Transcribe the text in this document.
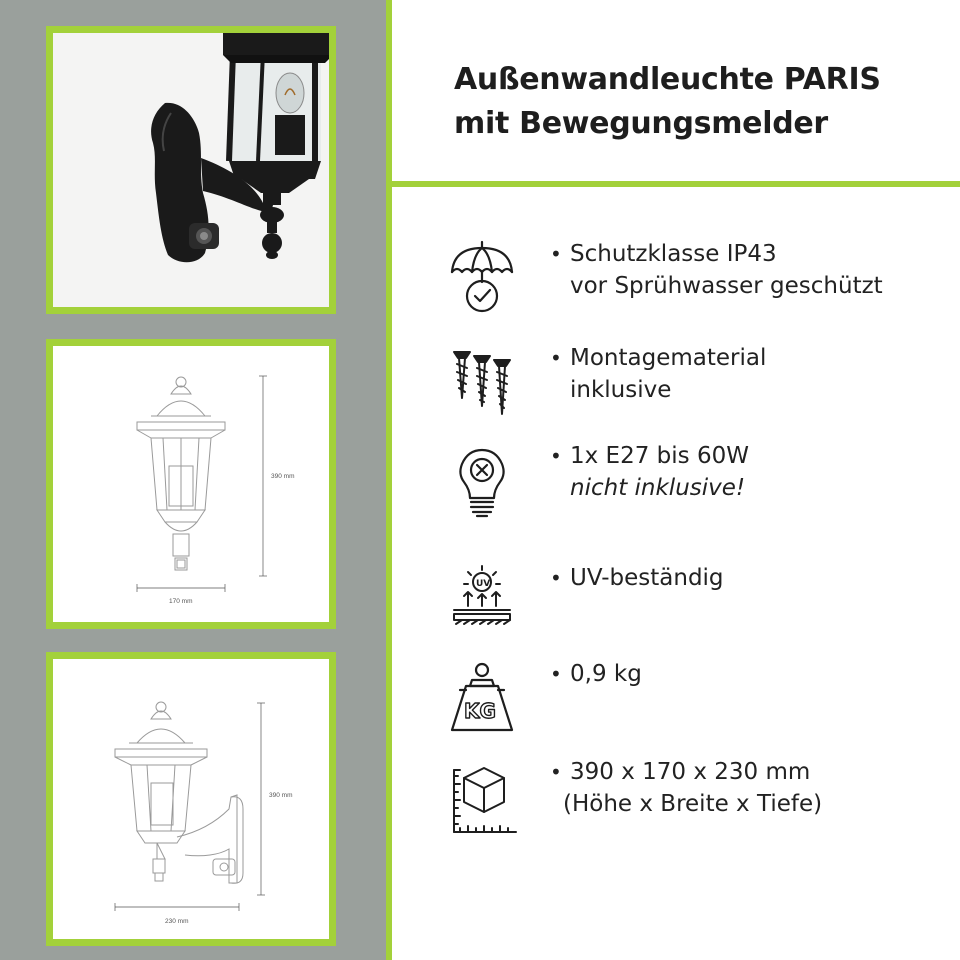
390 mm
170 mm
390 mm
230 mm
Außenwandleuchte PARIS
mit Bewegungsmelder
• Schutzklasse IP43
vor Sprühwasser geschützt
• Montagematerial
inklusive
• 1x E27 bis 60W
nicht inklusive!
UV
•	UV-beständig
KG
• 0,9 kg
• 390 x 170 x 230 mm
(Höhe x Breite x Tiefe)
